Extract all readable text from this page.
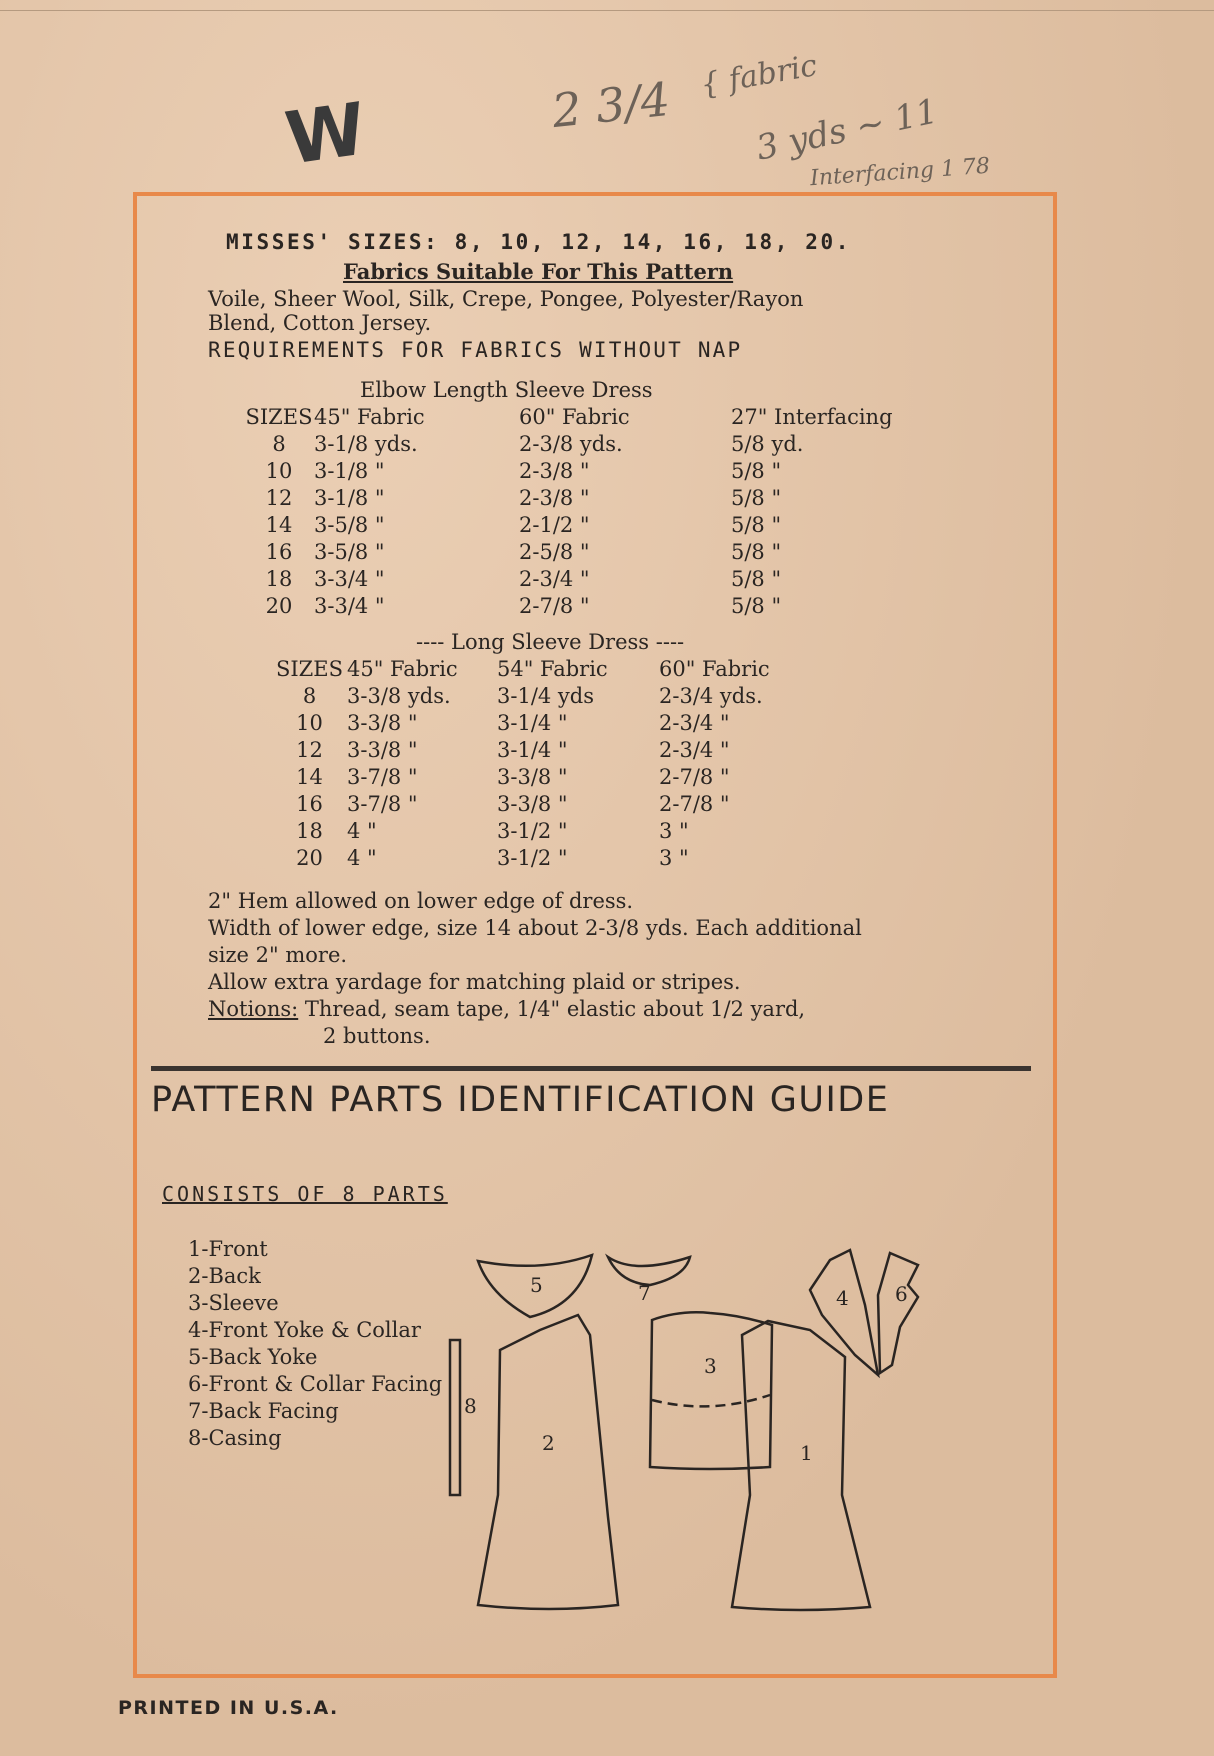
W	2 3/4 { fabric
3 yds ~ 11
Interfacing 1 78
MISSES' SIZES: 8, 10, 12, 14, 16, 18, 20.
Fabrics Suitable For This Pattern
Voile, Sheer Wool, Silk, Crepe, Pongee, Polyester/Rayon
Blend, Cotton Jersey.
REQUIREMENTS FOR FABRICS WITHOUT NAP
Elbow Length Sleeve Dress
SIZES	45" Fabric	60" Fabric	27" Interfacing
8	3-1/8 yds.	2-3/8 yds.	5/8 yd.
10	3-1/8 "	2-3/8 "	5/8 "
12	3-1/8 "	2-3/8 "	5/8 "
14	3-5/8 "	2-1/2 "	5/8 "
16	3-5/8 "	2-5/8 "	5/8 "
18	3-3/4 "	2-3/4 "	5/8 "
20	3-3/4 "	2-7/8 "	5/8 "
---- Long Sleeve Dress ----
SIZES	45" Fabric	54" Fabric	60" Fabric
8	3-3/8 yds.	3-1/4 yds	2-3/4 yds.
10	3-3/8 "	3-1/4 "	2-3/4 "
12	3-3/8 "	3-1/4 "	2-3/4 "
14	3-7/8 "	3-3/8 "	2-7/8 "
16	3-7/8 "	3-3/8 "	2-7/8 "
18	4 "	3-1/2 "	3 "
20	4 "	3-1/2 "	3 "
2" Hem allowed on lower edge of dress.
Width of lower edge, size 14 about 2-3/8 yds. Each additional
size 2" more.
Allow extra yardage for matching plaid or stripes.
Notions: Thread, seam tape, 1/4" elastic about 1/2 yard,
2 buttons.
PATTERN PARTS IDENTIFICATION GUIDE
CONSISTS OF 8 PARTS
1-Front
2-Back
3-Sleeve
4-Front Yoke & Collar
5-Back Yoke
6-Front & Collar Facing
7-Back Facing
8-Casing
1
2
3
4
5	6
7
8
PRINTED IN U.S.A.
